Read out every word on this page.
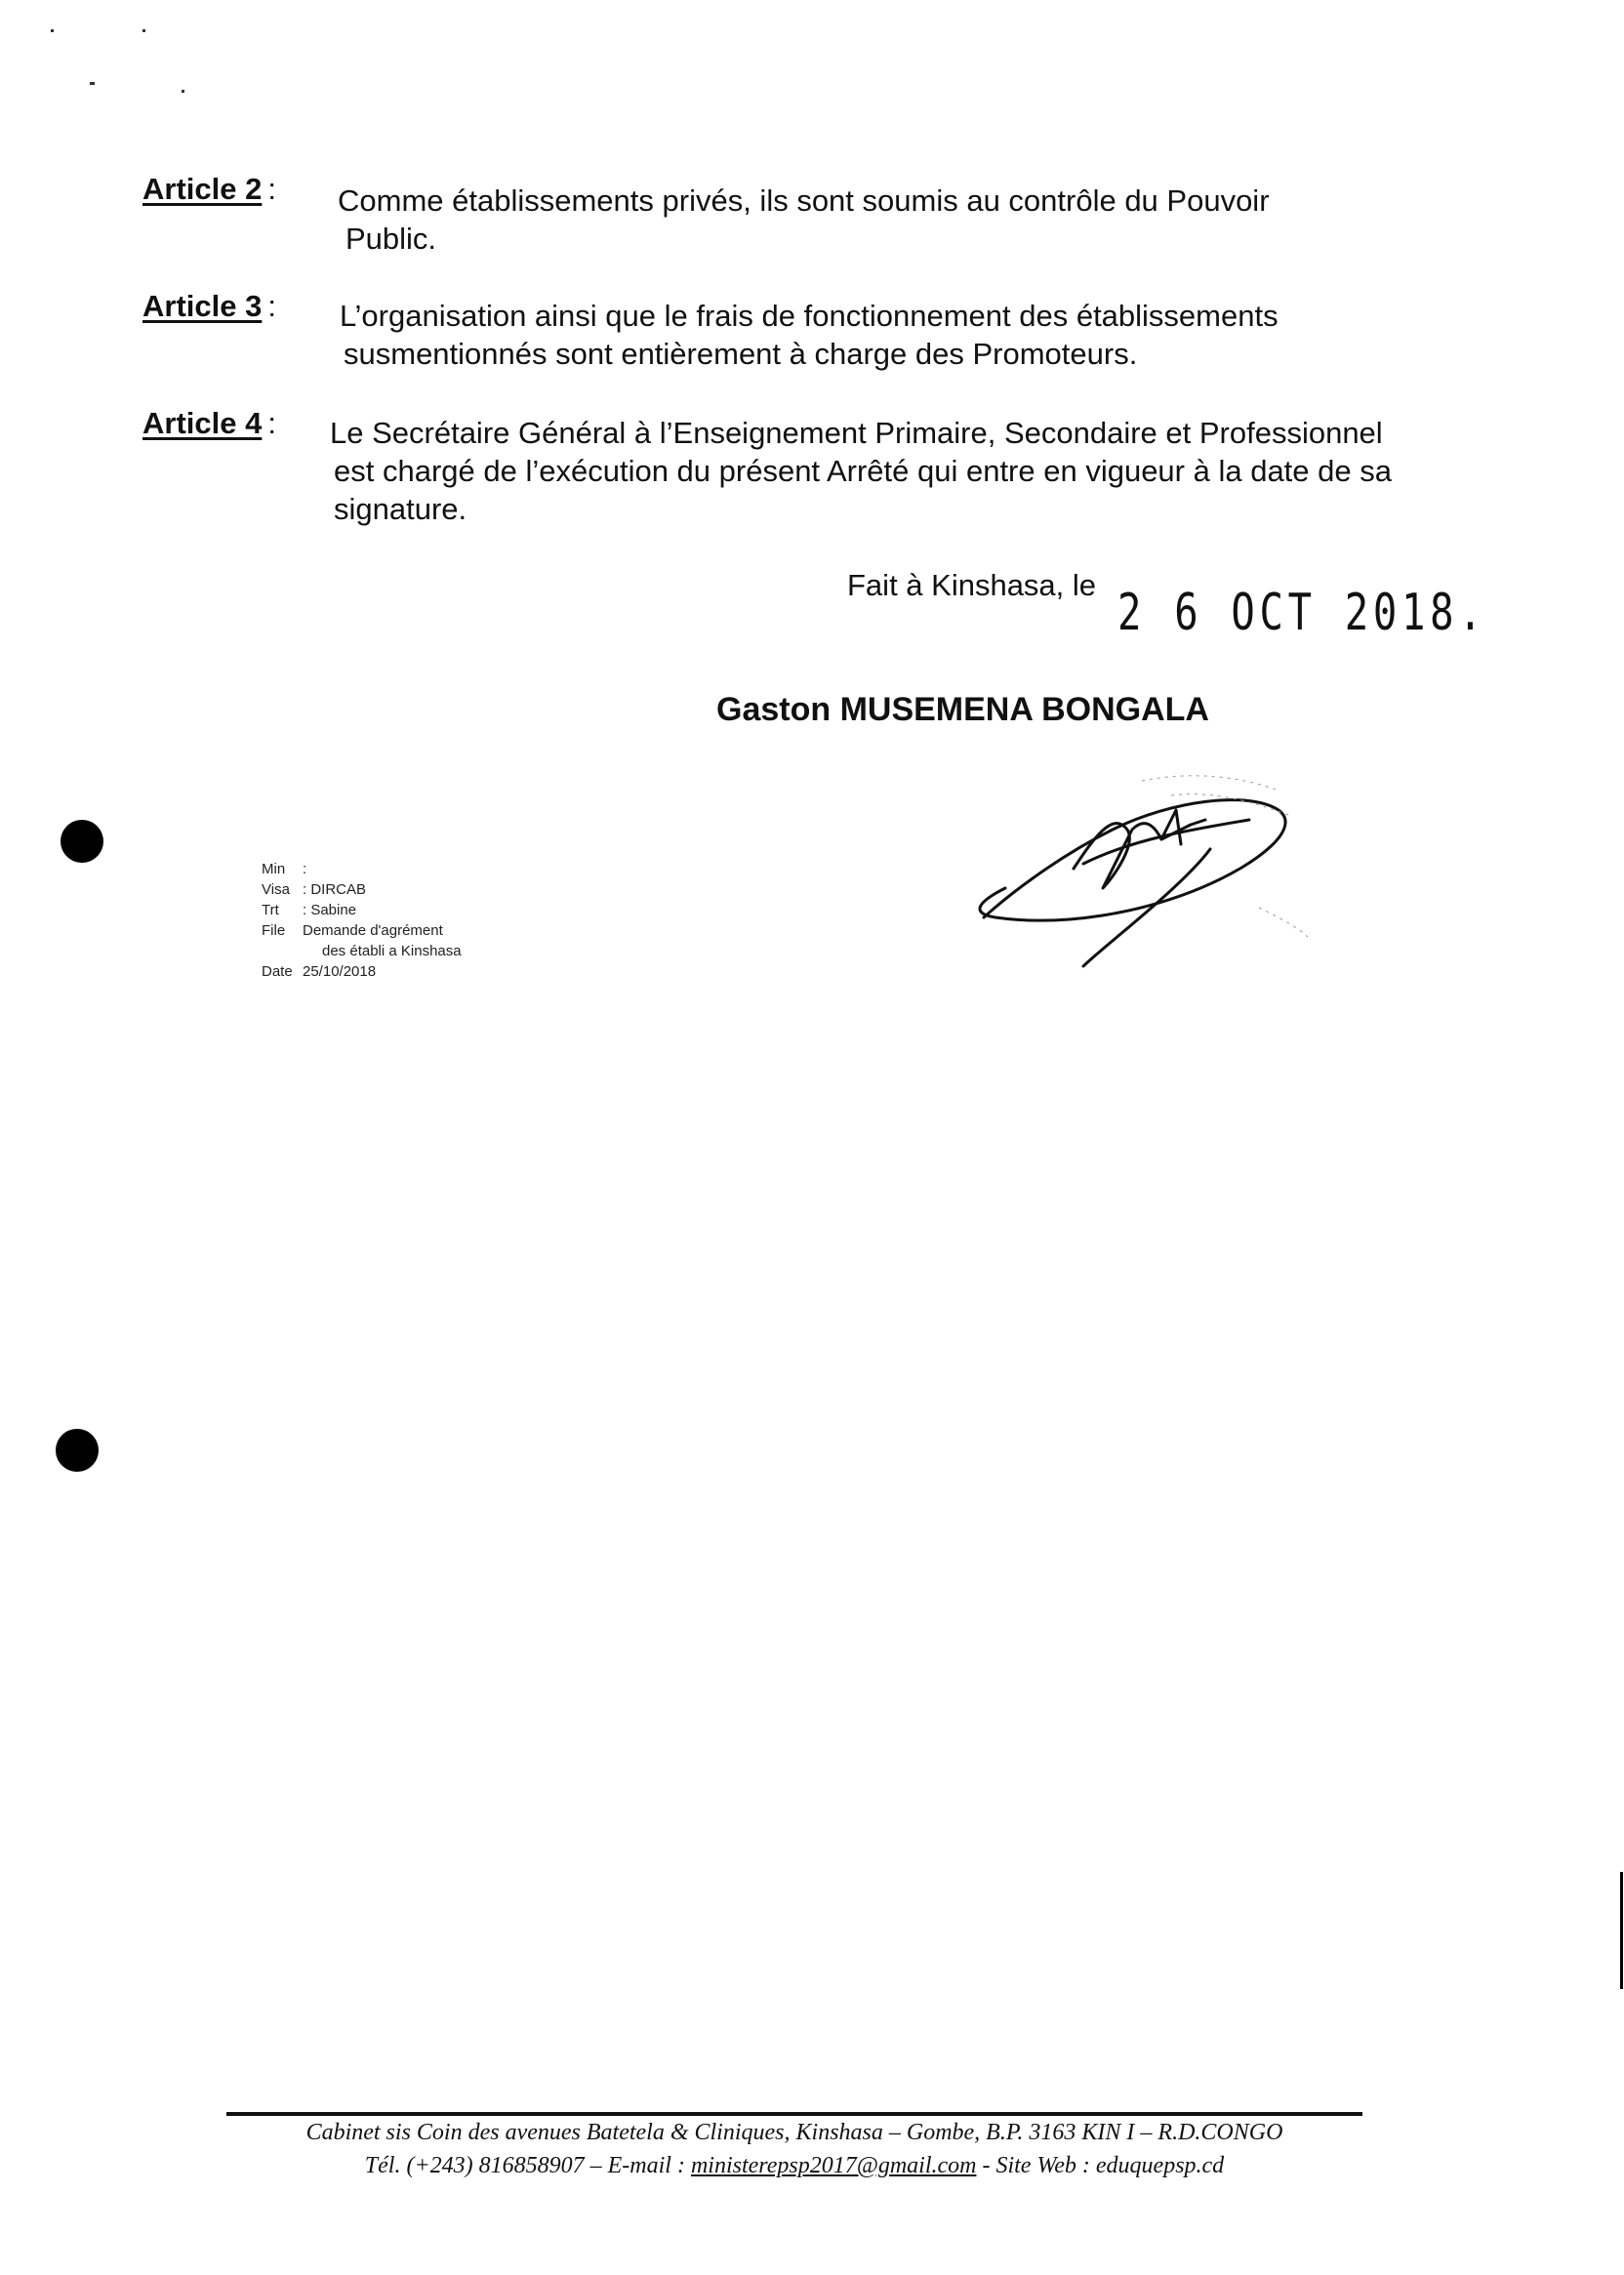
Article 2 : Comme établissements privés, ils sont soumis au contrôle du Pouvoir
Public.
Article 3 : L’organisation ainsi que le frais de fonctionnement des établissements
susmentionnés sont entièrement à charge des Promoteurs.
Article 4 : Le Secrétaire Général à l’Enseignement Primaire, Secondaire et Professionnel
est chargé de l’exécution du présent Arrêté qui entre en vigueur à la date de sa
signature.
Fait à Kinshasa, le 2 6 OCT 2018.
Gaston MUSEMENA BONGALA
Min :
Visa : DIRCAB
Trt : Sabine
File Demande d'agrément
des établi a Kinshasa
Date 25/10/2018
Cabinet sis Coin des avenues Batetela & Cliniques, Kinshasa – Gombe, B.P. 3163 KIN I – R.D.CONGO
Tél. (+243) 816858907 – E-mail : ministerepsp2017@gmail.com - Site Web : eduquepsp.cd
